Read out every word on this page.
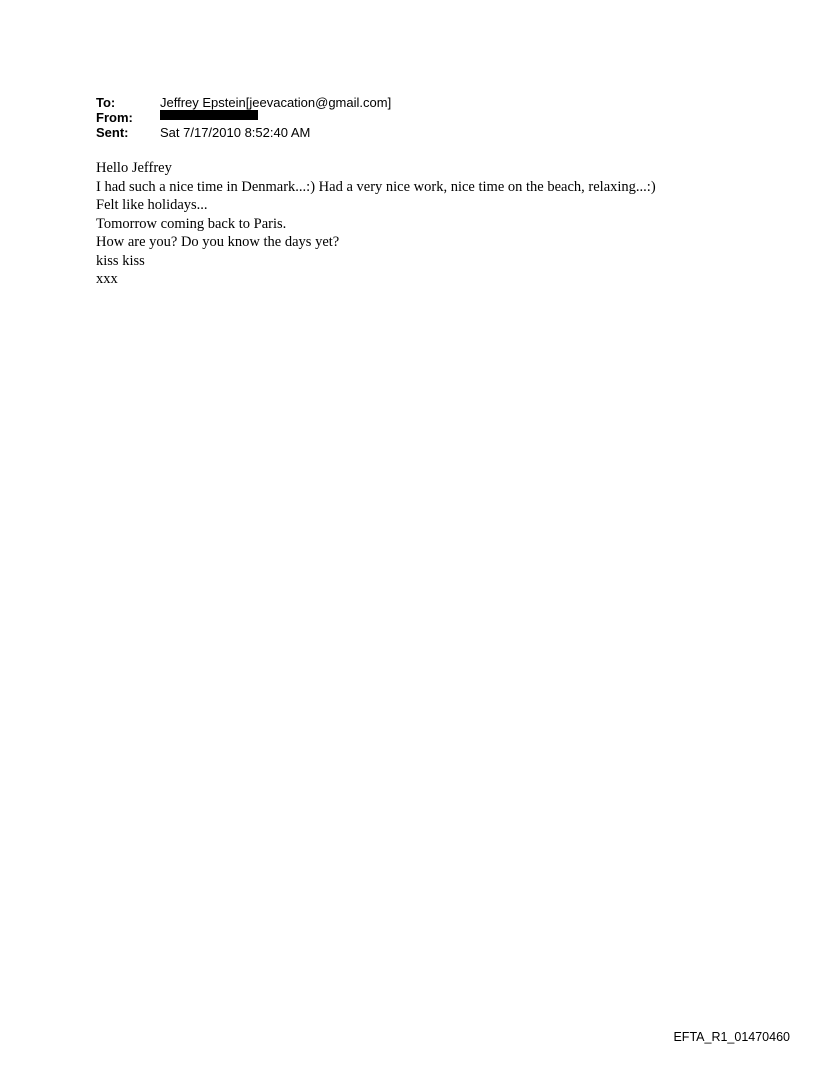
To:	Jeffrey Epstein[jeevacation@gmail.com]
From:
Sent:	Sat 7/17/2010 8:52:40 AM
Hello Jeffrey
I had such a nice time in Denmark...:) Had a very nice work, nice time on the beach, relaxing...:)
Felt like holidays...
Tomorrow coming back to Paris.
How are you? Do you know the days yet?
kiss kiss
xxx
EFTA_R1_01470460
